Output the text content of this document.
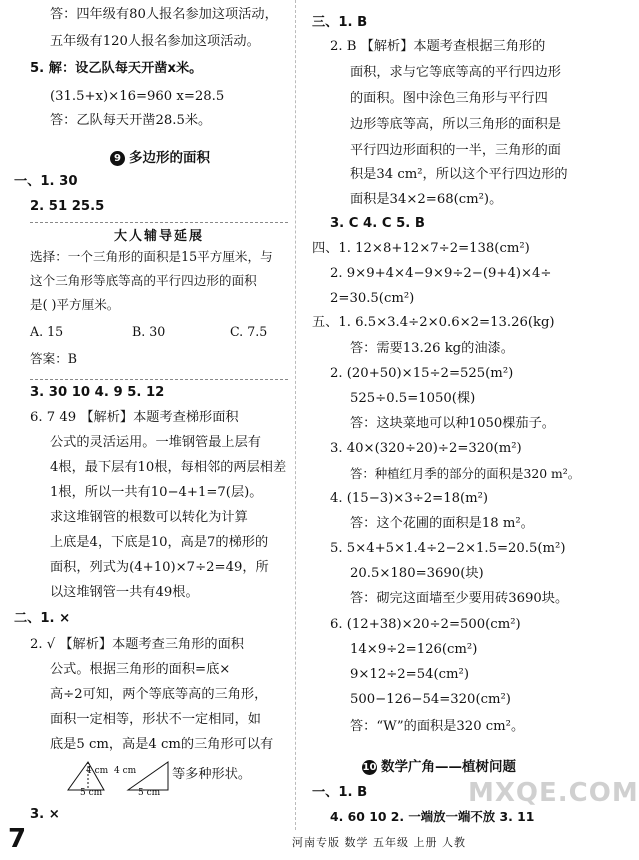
答：四年级有80人报名参加这项活动，
五年级有120人报名参加这项活动。
5. 解：设乙队每天开凿x米。
(31.5+x)×16=960 x=28.5
答：乙队每天开凿28.5米。
9 多边形的面积
一、1. 30
2. 51 25.5
大人辅导延展
选择：一个三角形的面积是15平方厘米，与
这个三角形等底等高的平行四边形的面积
是( )平方厘米。
A. 15	B. 30	C. 7.5
答案：B
3. 30 10 4. 9 5. 12
6. 7 49 【解析】本题考查梯形面积
公式的灵活运用。一堆钢管最上层有
4根，最下层有10根，每相邻的两层相差
1根，所以一共有10−4+1=7(层)。
求这堆钢管的根数可以转化为计算
上底是4，下底是10，高是7的梯形的
面积，列式为(4+10)×7÷2=49，所
以这堆钢管一共有49根。
二、1. ×
2. √ 【解析】本题考查三角形的面积
公式。根据三角形的面积=底×
高÷2可知，两个等底等高的三角形，
面积一定相等，形状不一定相同，如
底是5 cm，高是4 cm的三角形可以有
4 cm
5 cm
4 cm
5 cm
等多种形状。
3. ×
三、1. B
2. B 【解析】本题考查根据三角形的
面积，求与它等底等高的平行四边形
的面积。图中涂色三角形与平行四
边形等底等高，所以三角形的面积是
平行四边形面积的一半，三角形的面
积是34 cm²，所以这个平行四边形的
面积是34×2=68(cm²)。
3. C 4. C 5. B
四、1. 12×8+12×7÷2=138(cm²)
2. 9×9+4×4−9×9÷2−(9+4)×4÷
2=30.5(cm²)
五、1. 6.5×3.4÷2×0.6×2=13.26(kg)
答：需要13.26 kg的油漆。
2. (20+50)×15÷2=525(m²)
525÷0.5=1050(棵)
答：这块菜地可以种1050棵茄子。
3. 40×(320÷20)÷2=320(m²)
答：种植红月季的部分的面积是320 m²。
4. (15−3)×3÷2=18(m²)
答：这个花圃的面积是18 m²。
5. 5×4+5×1.4÷2−2×1.5=20.5(m²)
20.5×180=3690(块)
答：砌完这面墙至少要用砖3690块。
6. (12+38)×20÷2=500(cm²)
14×9÷2=126(cm²)
9×12÷2=54(cm²)
500−126−54=320(cm²)
答：“W”的面积是320 cm²。
10 数学广角——植树问题
一、1. B
4. 60 10 2. 一端放一端不放 3. 11
MXQE.COM
7	河南专版 数学 五年级 上册 人教
